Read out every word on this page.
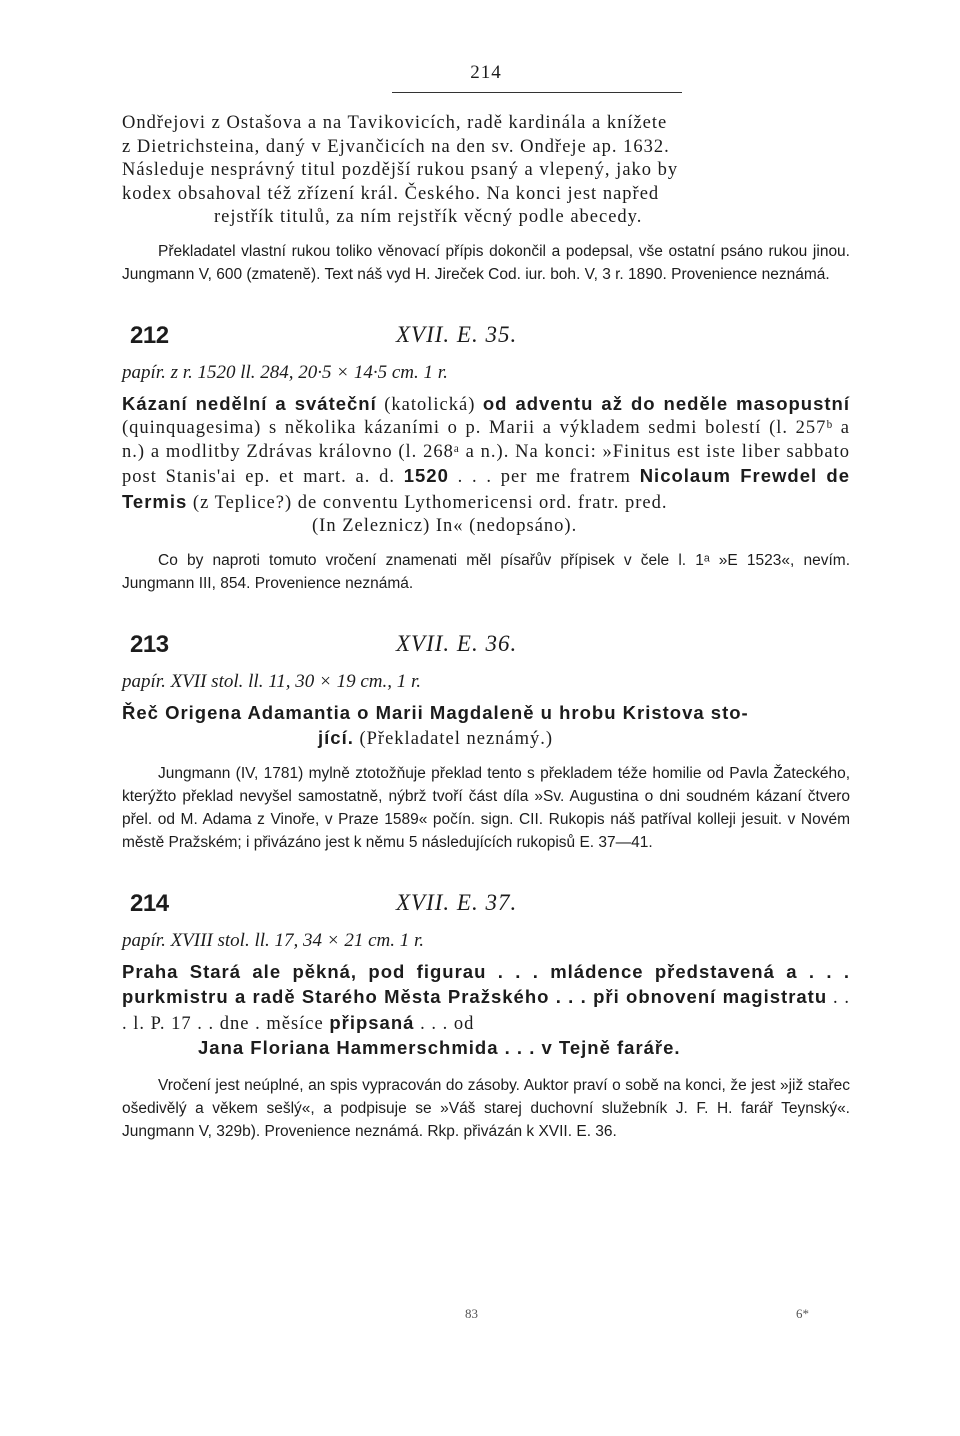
214

Ondřejovi z Ostašova a na Tavikovicích, radě kardinála a knížete

z Dietrichsteina, daný v Ejvančicích na den sv. Ondřeje ap. 1632.

Následuje nesprávný titul pozdější rukou psaný a vlepený, jako by

kodex obsahoval též zřízení král. Českého. Na konci jest napřed

rejstřík titulů, za ním rejstřík věcný podle abecedy.

Překladatel vlastní rukou toliko věnovací přípis dokončil a podepsal, vše ostatní psáno rukou jinou. Jungmann V, 600 (zmatenĕ). Text náš vyd H. Jireček Cod. iur. boh. V, 3 r. 1890. Provenience neznámá.

212	XVII. E. 35.

papír. z r. 1520 ll. 284, 20·5 × 14·5 cm. 1 r.

Kázaní nedělní a sváteční (katolická) od adventu až do neděle masopustní (quinquagesima) s několika kázaními o p. Marii a výkladem sedmi bolestí (l. 257ᵇ a n.) a modlitby Zdrávas královno (l. 268ᵃ a n.). Na konci: »Finitus est iste liber sabbato post Stanis'ai ep. et mart. a. d. 1520 . . . per me fratrem Nicolaum Frewdel de Termis (z Teplice?) de conventu Lythomericensi ord. fratr. pred.

(In Zeleznicz) In« (nedopsáno).

Co by naproti tomuto vročení znamenati měl písařův přípisek v čele l. 1ᵃ »E 1523«, nevím. Jungmann III, 854. Provenience neznámá.

213	XVII. E. 36.

papír. XVII stol. ll. 11, 30 × 19 cm., 1 r.

Řeč Origena Adamantia o Marii Magdaleně u hrobu Kristova sto-

jící. (Překladatel neznámý.)

Jungmann (IV, 1781) mylně ztotožňuje překlad tento s překladem téže homilie od Pavla Žateckého, kterýžto překlad nevyšel samostatně, nýbrž tvoří část díla »Sv. Augustina o dni soudném kázaní čtvero přel. od M. Adama z Vinoře, v Praze 1589« počín. sign. CII. Rukopis náš patříval kolleji jesuit. v Novém městě Pražském; i přivázáno jest k němu 5 následujících rukopisů E. 37—41.

214	XVII. E. 37.

papír. XVIII stol. ll. 17, 34 × 21 cm. 1 r.

Praha Stará ale pěkná, pod figurau . . . mládence představená a . . . purkmistru a radě Starého Města Pražského . . . při obnovení magistratu . . . l. P. 17 . . dne . měsíce připsaná . . . od

Jana Floriana Hammerschmida . . . v Tejně faráře.

Vročení jest neúplné, an spis vypracován do zásoby. Auktor praví o sobě na konci, že jest »již stařec ošedivělý a věkem sešlý«, a podpisuje se »Váš starej duchovní služebník J. F. H. farář Teynský«. Jungmann V, 329b). Provenience neznámá. Rkp. přivázán k XVII. E. 36.

83	6*
